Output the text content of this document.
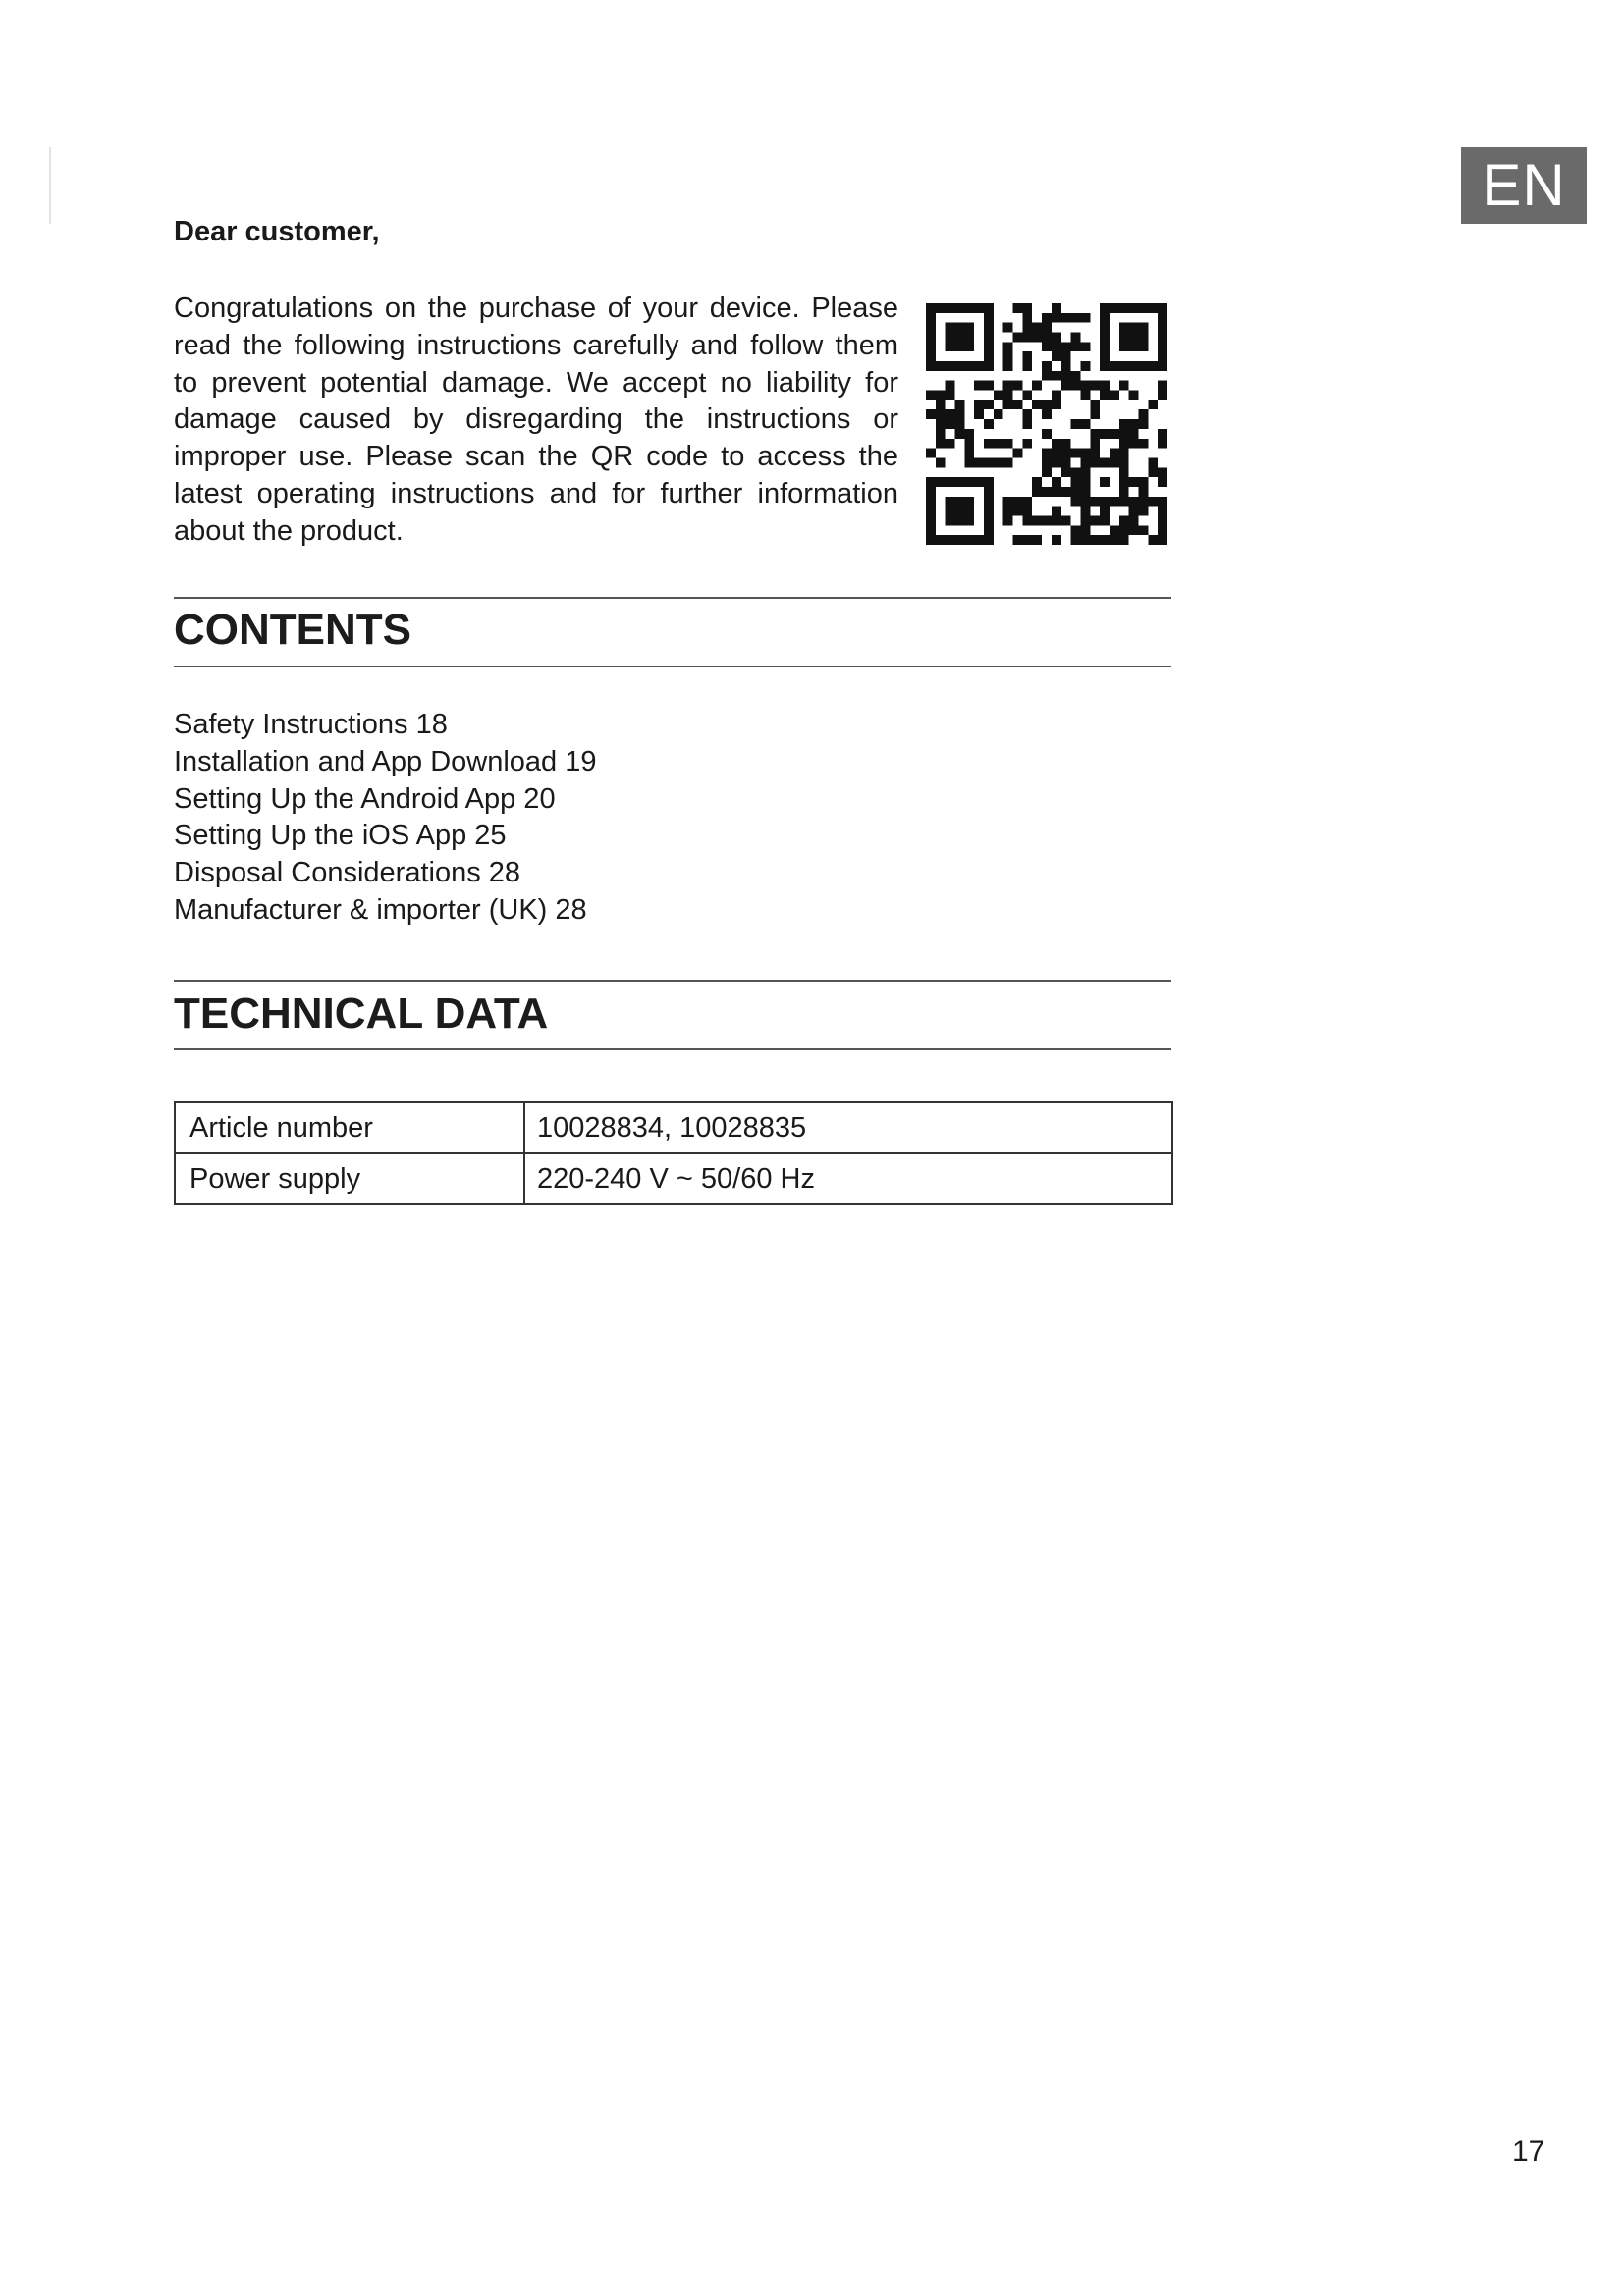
EN
Dear customer,

Congratulations on the purchase of your device. Please read the following instructions carefully and follow them to prevent potential damage. We accept no liability for damage caused by disregarding the instructions or improper use. Please scan the QR code to access the latest operating instructions and for further information about the product.

CONTENTS
Safety Instructions 18
Installation and App Download 19
Setting Up the Android App 20
Setting Up the iOS App 25
Disposal Considerations 28
Manufacturer & importer (UK) 28
TECHNICAL DATA
Article number	10028834, 10028835
Power supply	220-240 V ~ 50/60 Hz
17
